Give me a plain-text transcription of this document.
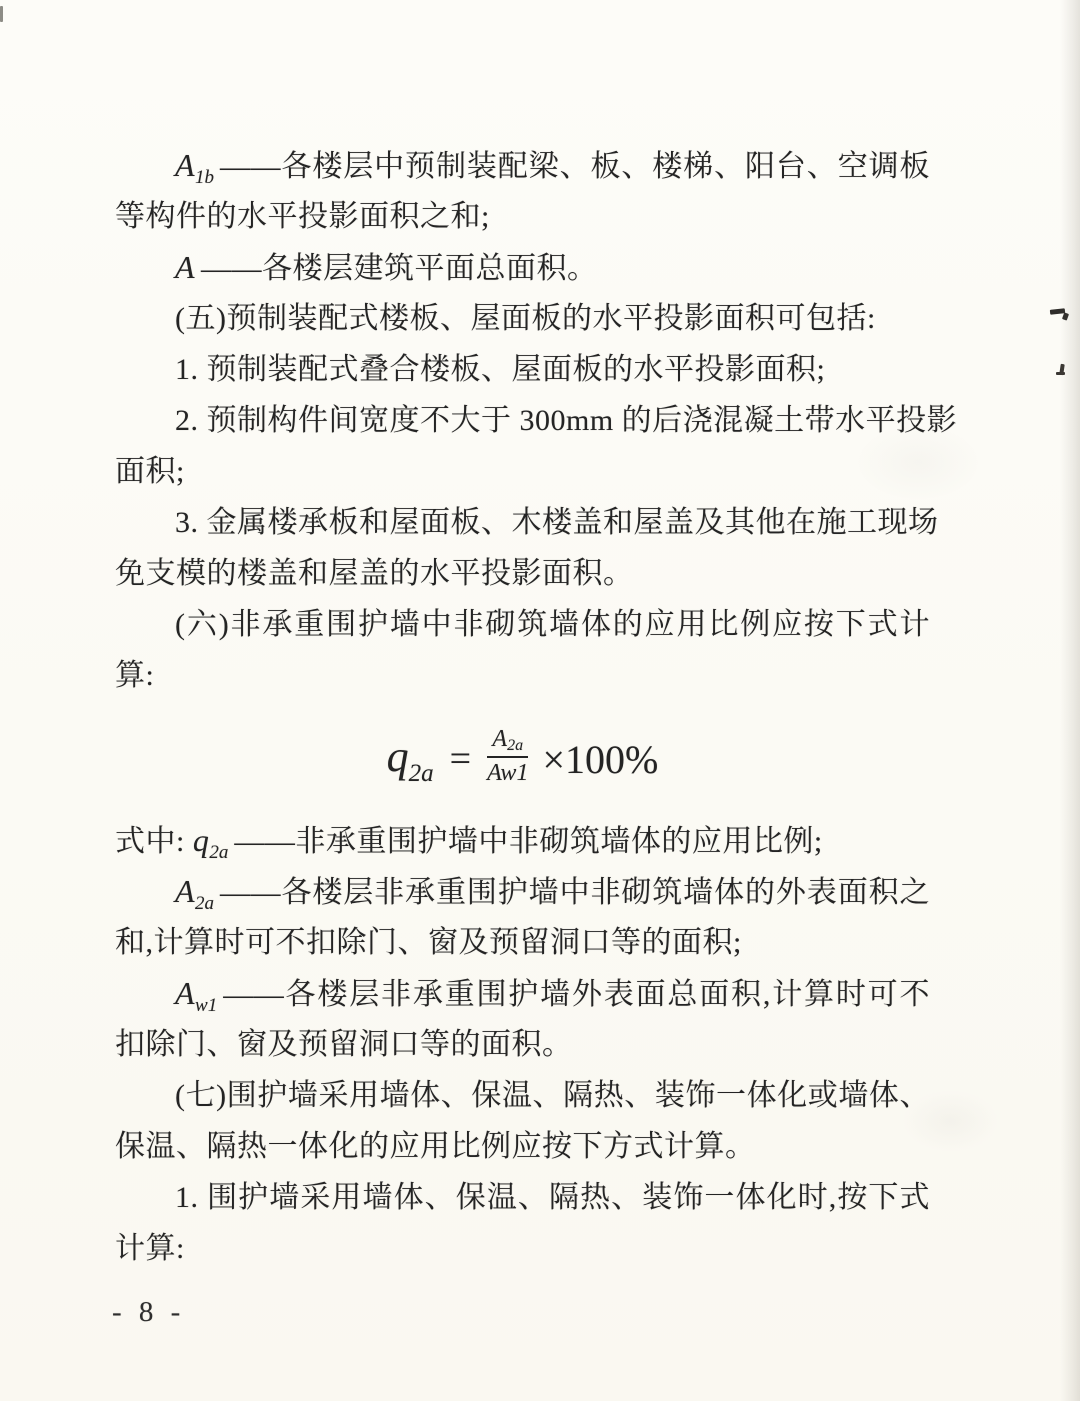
$A_{1b}$ ——各楼层中预制装配梁、板、楼梯、阳台、空调板
等构件的水平投影面积之和;
A ——各楼层建筑平面总面积。
(五)预制装配式楼板、屋面板的水平投影面积可包括:
1. 预制装配式叠合楼板、屋面板的水平投影面积;
2. 预制构件间宽度不大于 300mm 的后浇混凝土带水平投影
面积;
3. 金属楼承板和屋面板、木楼盖和屋盖及其他在施工现场
免支模的楼盖和屋盖的水平投影面积。
(六)非承重围护墙中非砌筑墙体的应用比例应按下式计
算:
$q_{2a} = \frac{A_{2a}}{Aw1} \times 100\%$
式中: $q_{2a}$ ——非承重围护墙中非砌筑墙体的应用比例;
$A_{2a}$ ——各楼层非承重围护墙中非砌筑墙体的外表面积之
和,计算时可不扣除门、窗及预留洞口等的面积;
$A_{w1}$ ——各楼层非承重围护墙外表面总面积,计算时可不
扣除门、窗及预留洞口等的面积。
(七)围护墙采用墙体、保温、隔热、装饰一体化或墙体、
保温、隔热一体化的应用比例应按下方式计算。
1. 围护墙采用墙体、保温、隔热、装饰一体化时,按下式
计算:
- 8 -
